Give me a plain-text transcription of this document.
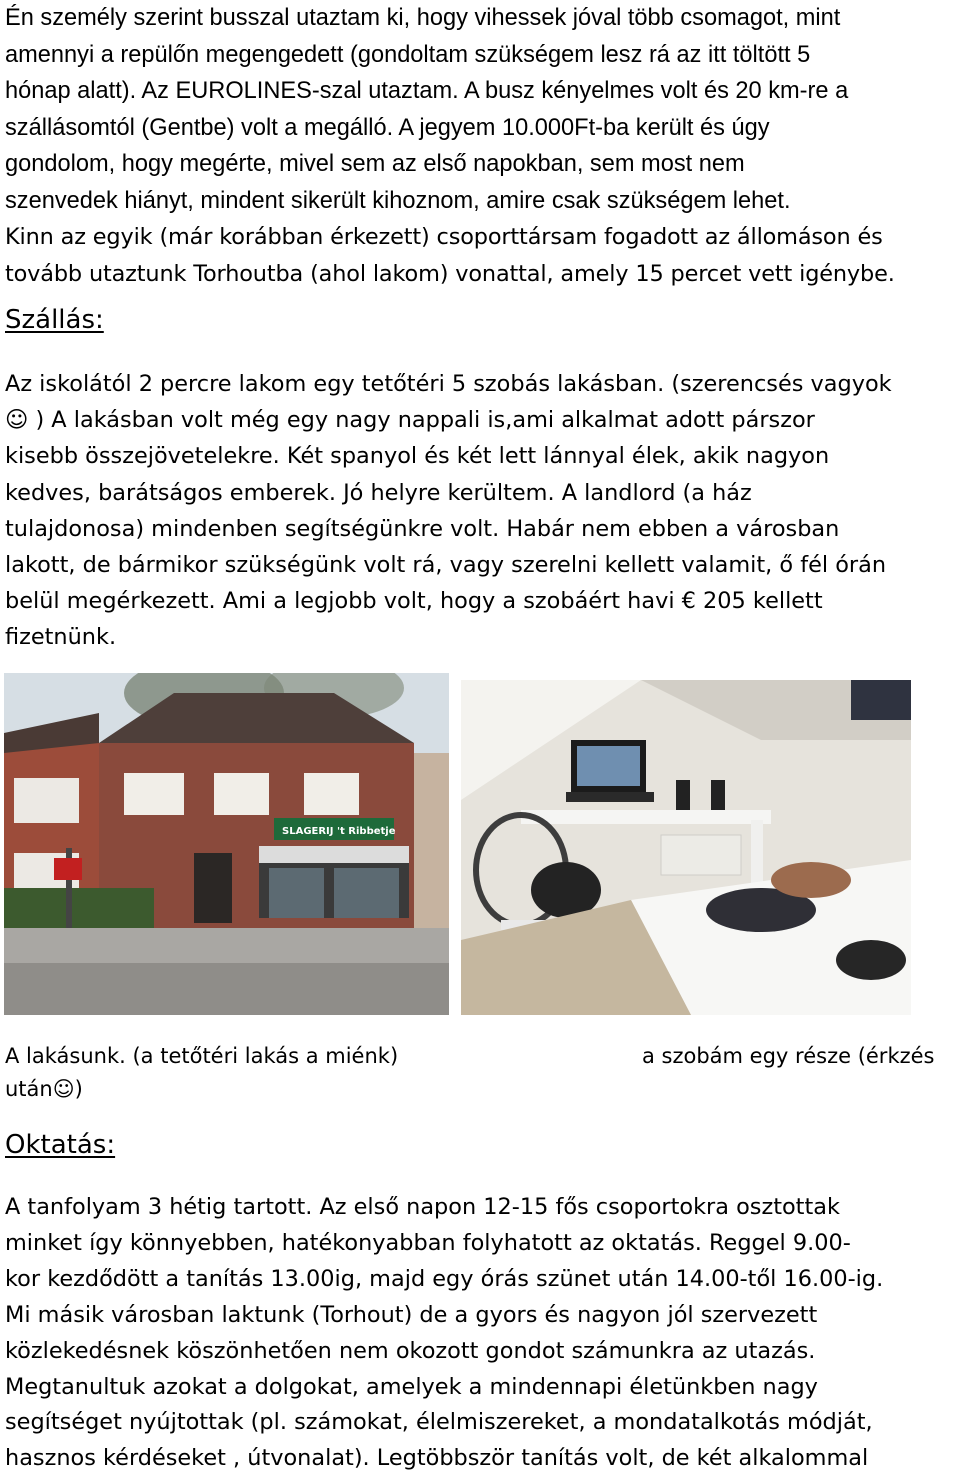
Én személy szerint busszal utaztam ki, hogy vihessek jóval több csomagot, mint
amennyi a repülőn megengedett (gondoltam szükségem lesz rá az itt töltött 5
hónap alatt). Az EUROLINES-szal utaztam. A busz kényelmes volt és 20 km-re a
szállásomtól (Gentbe) volt a megálló. A jegyem 10.000Ft-ba került és úgy
gondolom, hogy megérte, mivel sem az első napokban, sem most nem
szenvedek hiányt, mindent sikerült kihoznom, amire csak szükségem lehet.
Kinn az egyik (már korábban érkezett) csoporttársam fogadott az állomáson és
tovább utaztunk Torhoutba (ahol lakom) vonattal, amely 15 percet vett igénybe.
Szállás:
Az iskolától 2 percre lakom egy tetőtéri 5 szobás lakásban. (szerencsés vagyok
☺ ) A lakásban volt még egy nagy nappali is,ami alkalmat adott párszor
kisebb összejövetelekre. Két spanyol és két lett lánnyal élek, akik nagyon
kedves, barátságos emberek. Jó helyre kerültem. A landlord (a ház
tulajdonosa) mindenben segítségünkre volt. Habár nem ebben a városban
lakott, de bármikor szükségünk volt rá, vagy szerelni kellett valamit, ő fél órán
belül megérkezett. Ami a legjobb volt, hogy a szobáért havi € 205 kellett
fizetnünk.
SLAGERIJ 't Ribbetje
A lakásunk. (a tetőtéri lakás a miénk)
után☺)
a szobám egy része (érkzés
Oktatás:
A tanfolyam 3 hétig tartott. Az első napon 12-15 fős csoportokra osztottak
minket így könnyebben, hatékonyabban folyhatott az oktatás. Reggel 9.00-
kor kezdődött a tanítás 13.00ig, majd egy órás szünet után 14.00-től 16.00-ig.
Mi másik városban laktunk (Torhout) de a gyors és nagyon jól szervezett
közlekedésnek köszönhetően nem okozott gondot számunkra az utazás.
Megtanultuk azokat a dolgokat, amelyek a mindennapi életünkben nagy
segítséget nyújtottak (pl. számokat, élelmiszereket, a mondatalkotás módját,
hasznos kérdéseket , útvonalat). Legtöbbször tanítás volt, de két alkalommal
